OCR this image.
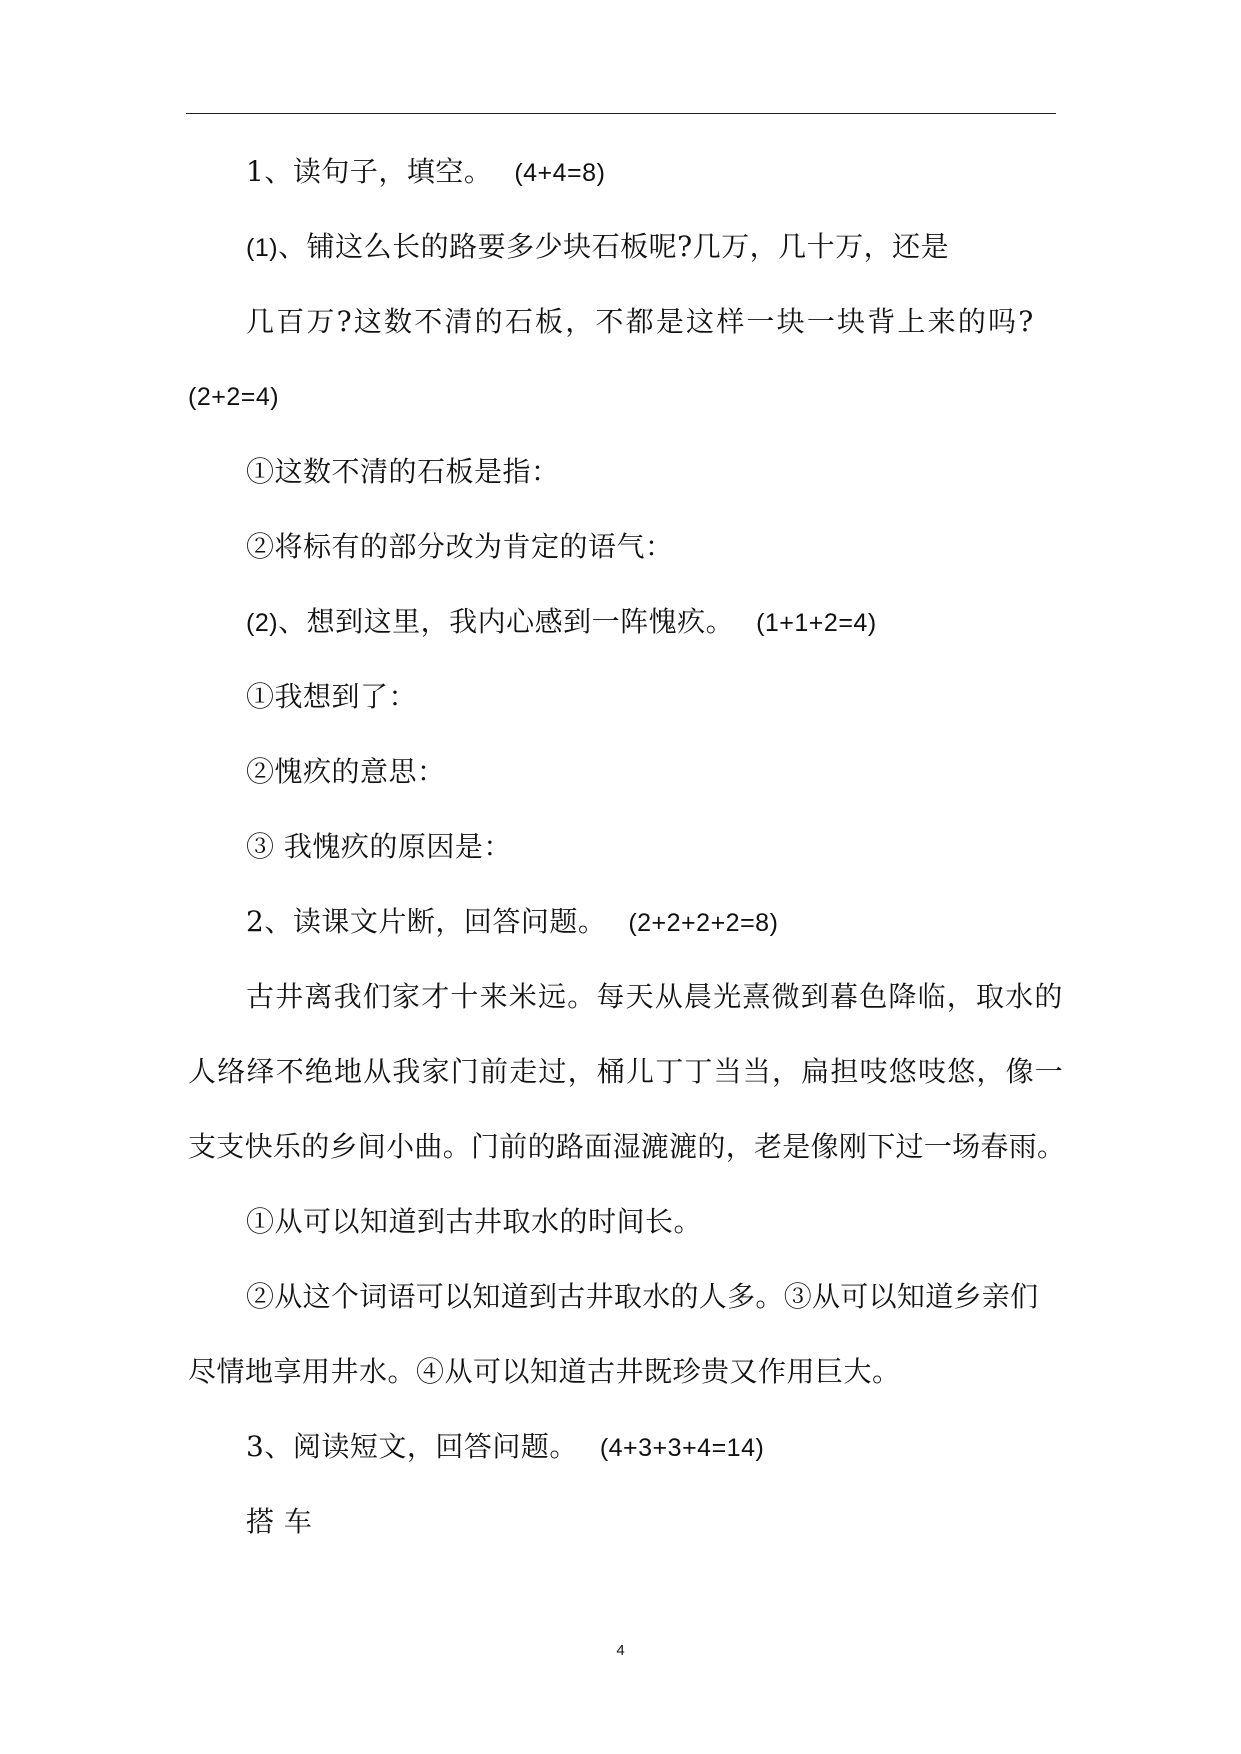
1、读句子，填空。 (4+4=8)
(1)、铺这么长的路要多少块石板呢?几万，几十万，还是
几百万?这数不清的石板，不都是这样一块一块背上来的吗?
(2+2=4)
①这数不清的石板是指：
②将标有的部分改为肯定的语气：
(2)、想到这里，我内心感到一阵愧疚。 (1+1+2=4)
①我想到了：
②愧疚的意思：
③ 我愧疚的原因是：
2、读课文片断，回答问题。 (2+2+2+2=8)
古井离我们家才十来米远。每天从晨光熹微到暮色降临，取水的
人络绎不绝地从我家门前走过，桶儿丁丁当当，扁担吱悠吱悠，像一
支支快乐的乡间小曲。门前的路面湿漉漉的，老是像刚下过一场春雨。
①从可以知道到古井取水的时间长。
②从这个词语可以知道到古井取水的人多。③从可以知道乡亲们
尽情地享用井水。④从可以知道古井既珍贵又作用巨大。
3、阅读短文，回答问题。 (4+3+3+4=14)
搭 车
4
